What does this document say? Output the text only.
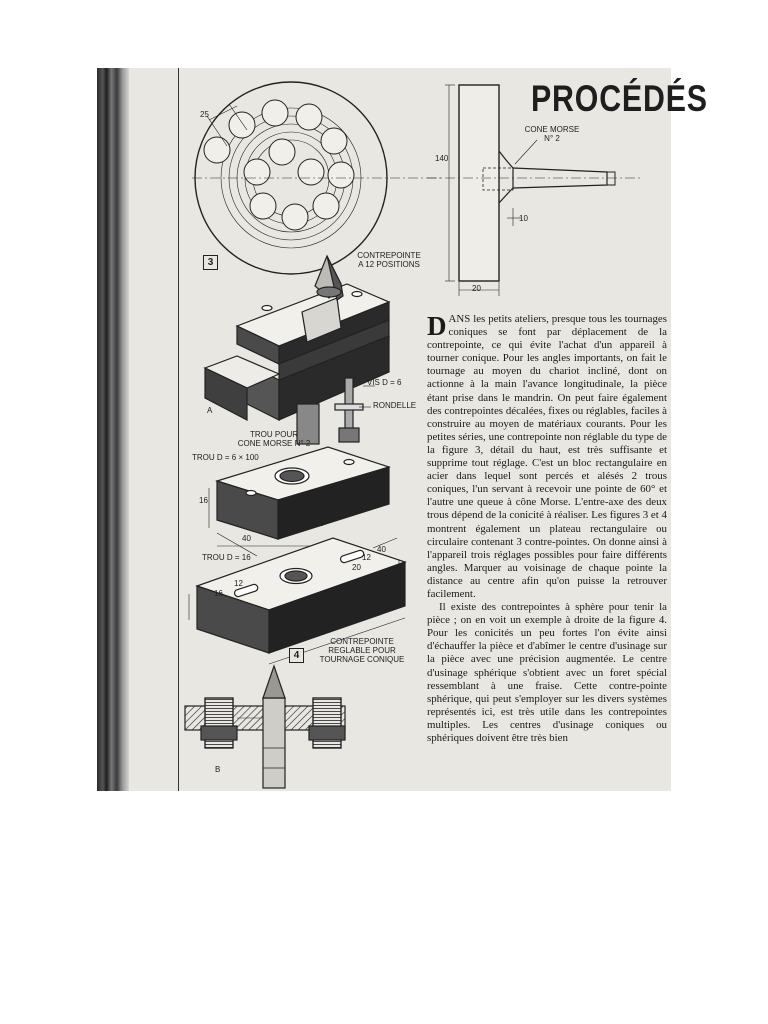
PROCÉDÉS
25
3
CONTREPOINTE
A 12 POSITIONS
140
CONE MORSE
N° 2
10
20
A
VIS D = 6
RONDELLE
TROU POUR
CONE MORSE N° 2
TROU D = 6 × 100
16
75
40
TROU D = 16
40
20
12
16
16
12
100
CONTREPOINTE
REGLABLE POUR
TOURNAGE CONIQUE
4
B

DANS les petits ateliers, presque tous les tournages coniques se font par déplacement de la contrepointe, ce qui évite l'achat d'un appareil à tourner conique. Pour les angles importants, on fait le tournage au moyen du chariot incliné, dont on actionne à la main l'avance longitudinale, la pièce étant prise dans le mandrin. On peut faire également des contrepointes décalées, fixes ou réglables, faciles à construire au moyen de matériaux courants. Pour les petites séries, une contrepointe non réglable du type de la figure 3, détail du haut, est très suffisante et supprime tout réglage. C'est un bloc rectangulaire en acier dans lequel sont percés et alésés 2 trous coniques, l'un servant à recevoir une pointe de 60° et l'autre une queue à cône Morse. L'entre-axe des deux trous dépend de la conicité à réaliser. Les figures 3 et 4 montrent également un plateau rectangulaire ou circulaire contenant 3 contre-pointes. On donne ainsi à l'appareil trois réglages possibles pour faire différents angles. Marquer au voisinage de chaque pointe la distance au centre afin qu'on puisse la retrouver facilement.

Il existe des contrepointes à sphère pour tenir la pièce ; on en voit un exemple à droite de la figure 4. Pour les conicités un peu fortes l'on évite ainsi d'échauffer la pièce et d'abîmer le centre d'usinage sur la pièce avec une précision augmentée. Le centre d'usinage sphérique s'obtient avec un foret spécial ressemblant à une fraise. Cette contre-pointe sphérique, qui peut s'employer sur les divers systèmes représentés ici, est très utile dans les contrepointes multiples. Les centres d'usinage coniques ou sphériques doivent être très bien
